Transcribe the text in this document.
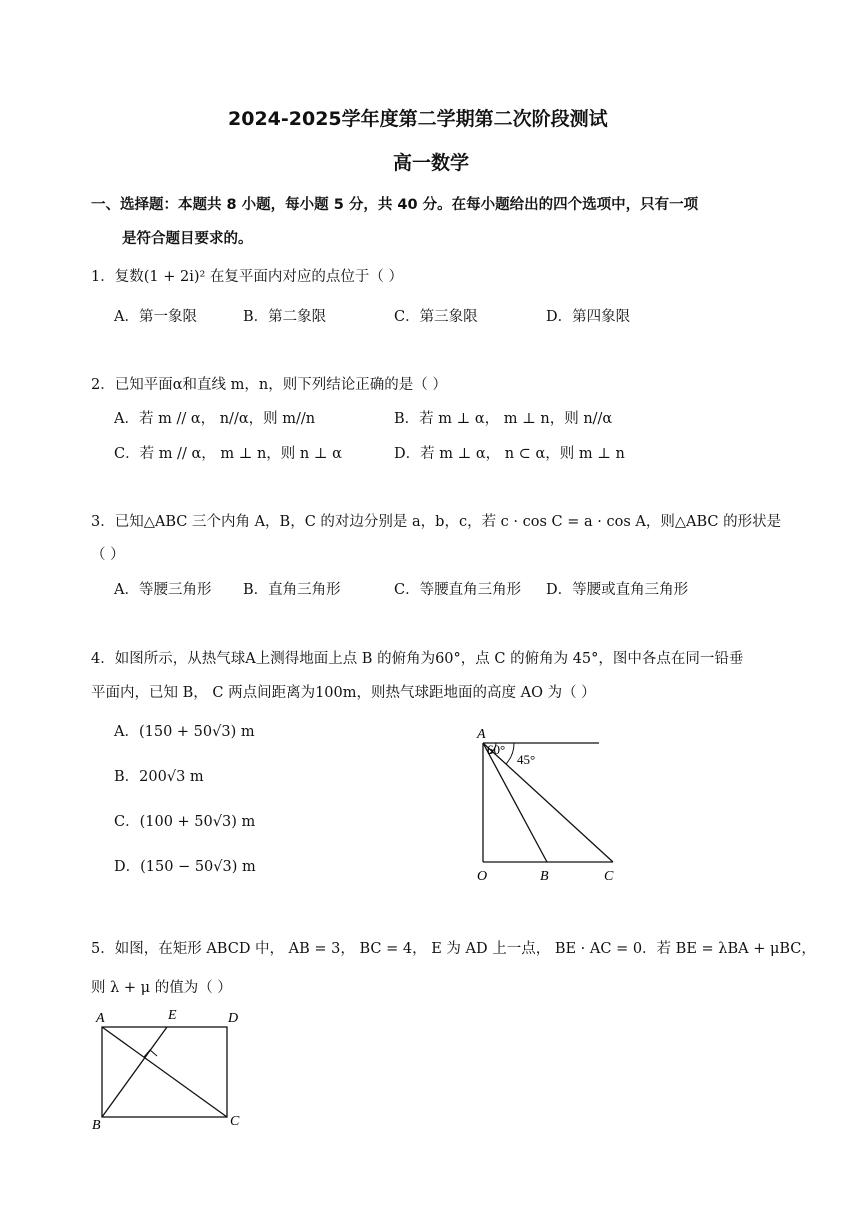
2024-2025学年度第二学期第二次阶段测试
高一数学
一、选择题：本题共 8 小题，每小题 5 分，共 40 分。在每小题给出的四个选项中，只有一项
是符合题目要求的。
1．复数(1 + 2i)² 在复平面内对应的点位于（ ）
A．第一象限	B．第二象限	C．第三象限	D．第四象限
2．已知平面α和直线 m，n，则下列结论正确的是（ ）
A．若 m // α， n//α，则 m//n	B．若 m ⊥ α， m ⊥ n，则 n//α
C．若 m // α， m ⊥ n，则 n ⊥ α	D．若 m ⊥ α， n ⊂ α，则 m ⊥ n
3．已知△ABC 三个内角 A，B，C 的对边分别是 a，b，c，若 c · cos C = a · cos A，则△ABC 的形状是
（ ）
A．等腰三角形 B．直角三角形	C．等腰直角三角形 D．等腰或直角三角形
4．如图所示，从热气球A上测得地面上点 B 的俯角为60°，点 C 的俯角为 45°，图中各点在同一铅垂
平面内，已知 B， C 两点间距离为100m，则热气球距地面的高度 AO 为（ ）
A．(150 + 50√3) m
B．200√3 m
C．(100 + 50√3) m
D．(150 − 50√3) m
A
60°
45°
O	B	C
5．如图，在矩形 ABCD 中， AB = 3， BC = 4， E 为 AD 上一点， BE · AC = 0．若 BE = λBA + μBC，
则 λ + μ 的值为（ ）
A	E	D
B	C
